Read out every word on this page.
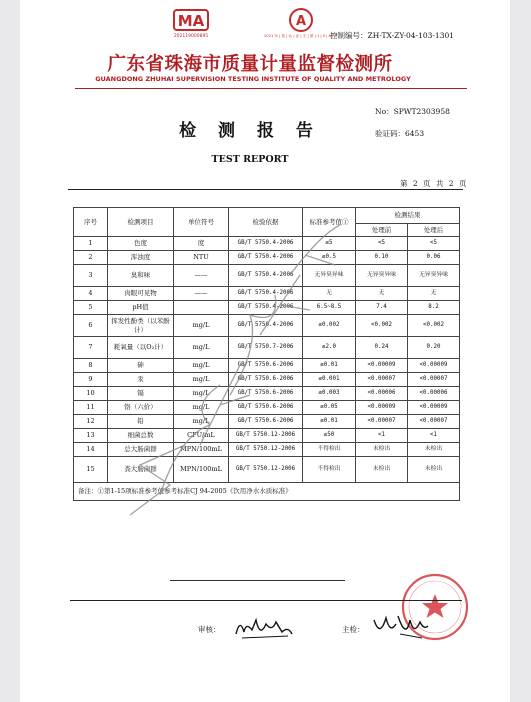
MA
202119000895
A
2021 年 | 质 | 认 | 证 | 字 | 第 | 1 | 0 | 8 | 号
控制编号：ZH-TX-ZY-04-103-1301
广东省珠海市质量计量监督检测所
GUANGDONG ZHUHAI SUPERVISION TESTING INSTITUTE OF QUALITY AND METROLOGY
No：SPWT2303958
检 测 报 告	验证码：6453
TEST REPORT
第 2 页 共 2 页
序号	检测项目	单位符号	检验依据	标准参考值①	检测结果	
					处理前	处理后
1	色度	度	GB/T 5750.4-2006	≤5	<5	<5
2	浑浊度	NTU	GB/T 5750.4-2006	≤0.5	0.10	0.06
3	臭和味	——	GB/T 5750.4-2006	无异臭异味	无异臭异味	无异臭异味
4	肉眼可见物	——	GB/T 5750.4-2006	无	无	无
5	pH值		GB/T 5750.4-2006	6.5~8.5	7.4	8.2
6	挥发性酚类（以苯酚计）	mg/L	GB/T 5750.4-2006	≤0.002	<0.002	<0.002
7	耗氧量（以O₂计）	mg/L	GB/T 5750.7-2006	≤2.0	0.24	0.20
8	砷	mg/L	GB/T 5750.6-2006	≤0.01	<0.00009	<0.00009
9	汞	mg/L	GB/T 5750.6-2006	≤0.001	<0.00007	<0.00007
10	镉	mg/L	GB/T 5750.6-2006	≤0.003	<0.00006	<0.00006
11	铬（六价）	mg/L	GB/T 5750.6-2006	≤0.05	<0.00009	<0.00009
12	铅	mg/L	GB/T 5750.6-2006	≤0.01	<0.00007	<0.00007
13	细菌总数	CFU/mL	GB/T 5750.12-2006	≤50	<1	<1
14	总大肠菌群	MPN/100mL	GB/T 5750.12-2006	不得检出	未检出	未检出
15	粪大肠菌群	MPN/100mL	GB/T 5750.12-2006	不得检出	未检出	未检出
备注：①第1-15项标准参考值参考标准CJ 94-2005《饮用净水水质标准》						
审核：	主检：
